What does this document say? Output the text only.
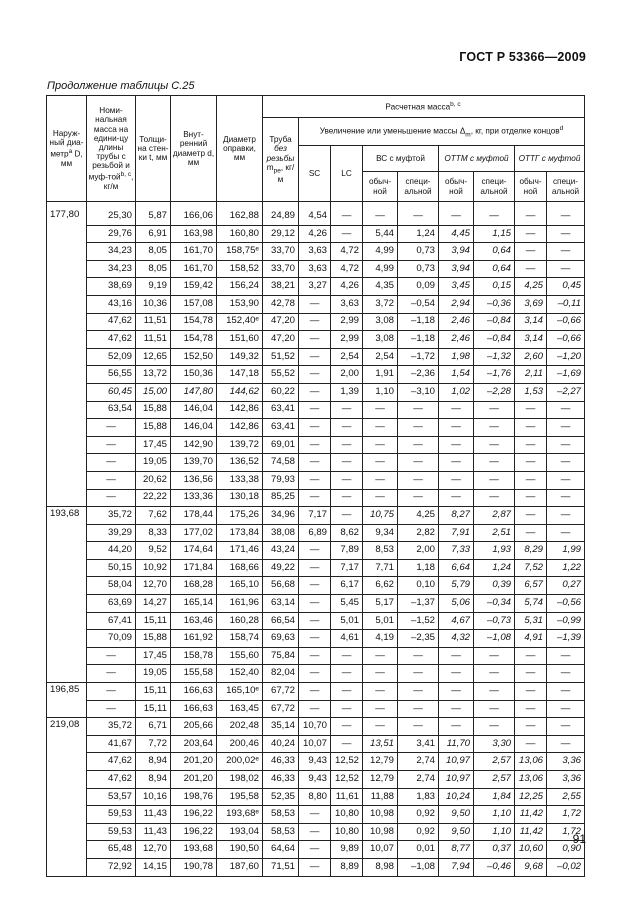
ГОСТ Р 53366—2009
Продолжение таблицы С.25
Наруж-ный диа-метр$^а$ D, мм	Номи-нальная масса на едини-цу длины трубы с резьбой и муф-той$^{b, c}$, кг/м	Толщи-на стен-ки t, мм	Внут-ренний диаметр d, мм	Диаметр оправки, мм	Расчетная масса$^{b, c}$
					Труба без резьбы $m_{pe}$, кг/м	Увеличение или уменьшение массы $\Delta_m$, кг, при отделке концов$^d$
						SC	LC	ВС с муфтой		ОТТМ с муфтой		ОТТГ с муфтой	
								обыч-ной	специ-альной	обыч-ной	специ-альной	обыч-ной	специ-альной

177,80	25,30	5,87	166,06	162,88	24,89	4,54	—	—	—	—	—	—	—
	29,76	6,91	163,98	160,80	29,12	4,26	—	5,44	1,24	4,45	1,15	—	—
	34,23	8,05	161,70	158,75ᵉ	33,70	3,63	4,72	4,99	0,73	3,94	0,64	—	—
	34,23	8,05	161,70	158,52	33,70	3,63	4,72	4,99	0,73	3,94	0,64	—	—
	38,69	9,19	159,42	156,24	38,21	3,27	4,26	4,35	0,09	3,45	0,15	4,25	0,45
	43,16	10,36	157,08	153,90	42,78	—	3,63	3,72	–0,54	2,94	–0,36	3,69	–0,11
	47,62	11,51	154,78	152,40ᵉ	47,20	—	2,99	3,08	–1,18	2,46	–0,84	3,14	–0,66
	47,62	11,51	154,78	151,60	47,20	—	2,99	3,08	–1,18	2,46	–0,84	3,14	–0,66
	52,09	12,65	152,50	149,32	51,52	—	2,54	2,54	–1,72	1,98	–1,32	2,60	–1,20
	56,55	13,72	150,36	147,18	55,52	—	2,00	1,91	–2,36	1,54	–1,76	2,11	–1,69
	60,45	15,00	147,80	144,62	60,22	—	1,39	1,10	–3,10	1,02	–2,28	1,53	–2,27
	63,54	15,88	146,04	142,86	63,41	—	—	—	—	—	—	—	—
	—	15,88	146,04	142,86	63,41	—	—	—	—	—	—	—	—
	—	17,45	142,90	139,72	69,01	—	—	—	—	—	—	—	—
	—	19,05	139,70	136,52	74,58	—	—	—	—	—	—	—	—
	—	20,62	136,56	133,38	79,93	—	—	—	—	—	—	—	—
	—	22,22	133,36	130,18	85,25	—	—	—	—	—	—	—	—
193,68	35,72	7,62	178,44	175,26	34,96	7,17	—	10,75	4,25	8,27	2,87	—	—
	39,29	8,33	177,02	173,84	38,08	6,89	8,62	9,34	2,82	7,91	2,51	—	—
	44,20	9,52	174,64	171,46	43,24	—	7,89	8,53	2,00	7,33	1,93	8,29	1,99
	50,15	10,92	171,84	168,66	49,22	—	7,17	7,71	1,18	6,64	1,24	7,52	1,22
	58,04	12,70	168,28	165,10	56,68	—	6,17	6,62	0,10	5,79	0,39	6,57	0,27
	63,69	14,27	165,14	161,96	63,14	—	5,45	5,17	–1,37	5,06	–0,34	5,74	–0,56
	67,41	15,11	163,46	160,28	66,54	—	5,01	5,01	–1,52	4,67	–0,73	5,31	–0,99
	70,09	15,88	161,92	158,74	69,63	—	4,61	4,19	–2,35	4,32	–1,08	4,91	–1,39
	—	17,45	158,78	155,60	75,84	—	—	—	—	—	—	—	—
	—	19,05	155,58	152,40	82,04	—	—	—	—	—	—	—	—
196,85	—	15,11	166,63	165,10ᵉ	67,72	—	—	—	—	—	—	—	—
	—	15,11	166,63	163,45	67,72	—	—	—	—	—	—	—	—
219,08	35,72	6,71	205,66	202,48	35,14	10,70	—	—	—	—	—	—	—
	41,67	7,72	203,64	200,46	40,24	10,07	—	13,51	3,41	11,70	3,30	—	—
	47,62	8,94	201,20	200,02ᵉ	46,33	9,43	12,52	12,79	2,74	10,97	2,57	13,06	3,36
	47,62	8,94	201,20	198,02	46,33	9,43	12,52	12,79	2,74	10,97	2,57	13,06	3,36
	53,57	10,16	198,76	195,58	52,35	8,80	11,61	11,88	1,83	10,24	1,84	12,25	2,55
	59,53	11,43	196,22	193,68ᵉ	58,53	—	10,80	10,98	0,92	9,50	1,10	11,42	1,72
	59,53	11,43	196,22	193,04	58,53	—	10,80	10,98	0,92	9,50	1,10	11,42	1,72
	65,48	12,70	193,68	190,50	64,64	—	9,89	10,07	0,01	8,77	0,37	10,60	0,90
	72,92	14,15	190,78	187,60	71,51	—	8,89	8,98	–1,08	7,94	–0,46	9,68	–0,02
91
